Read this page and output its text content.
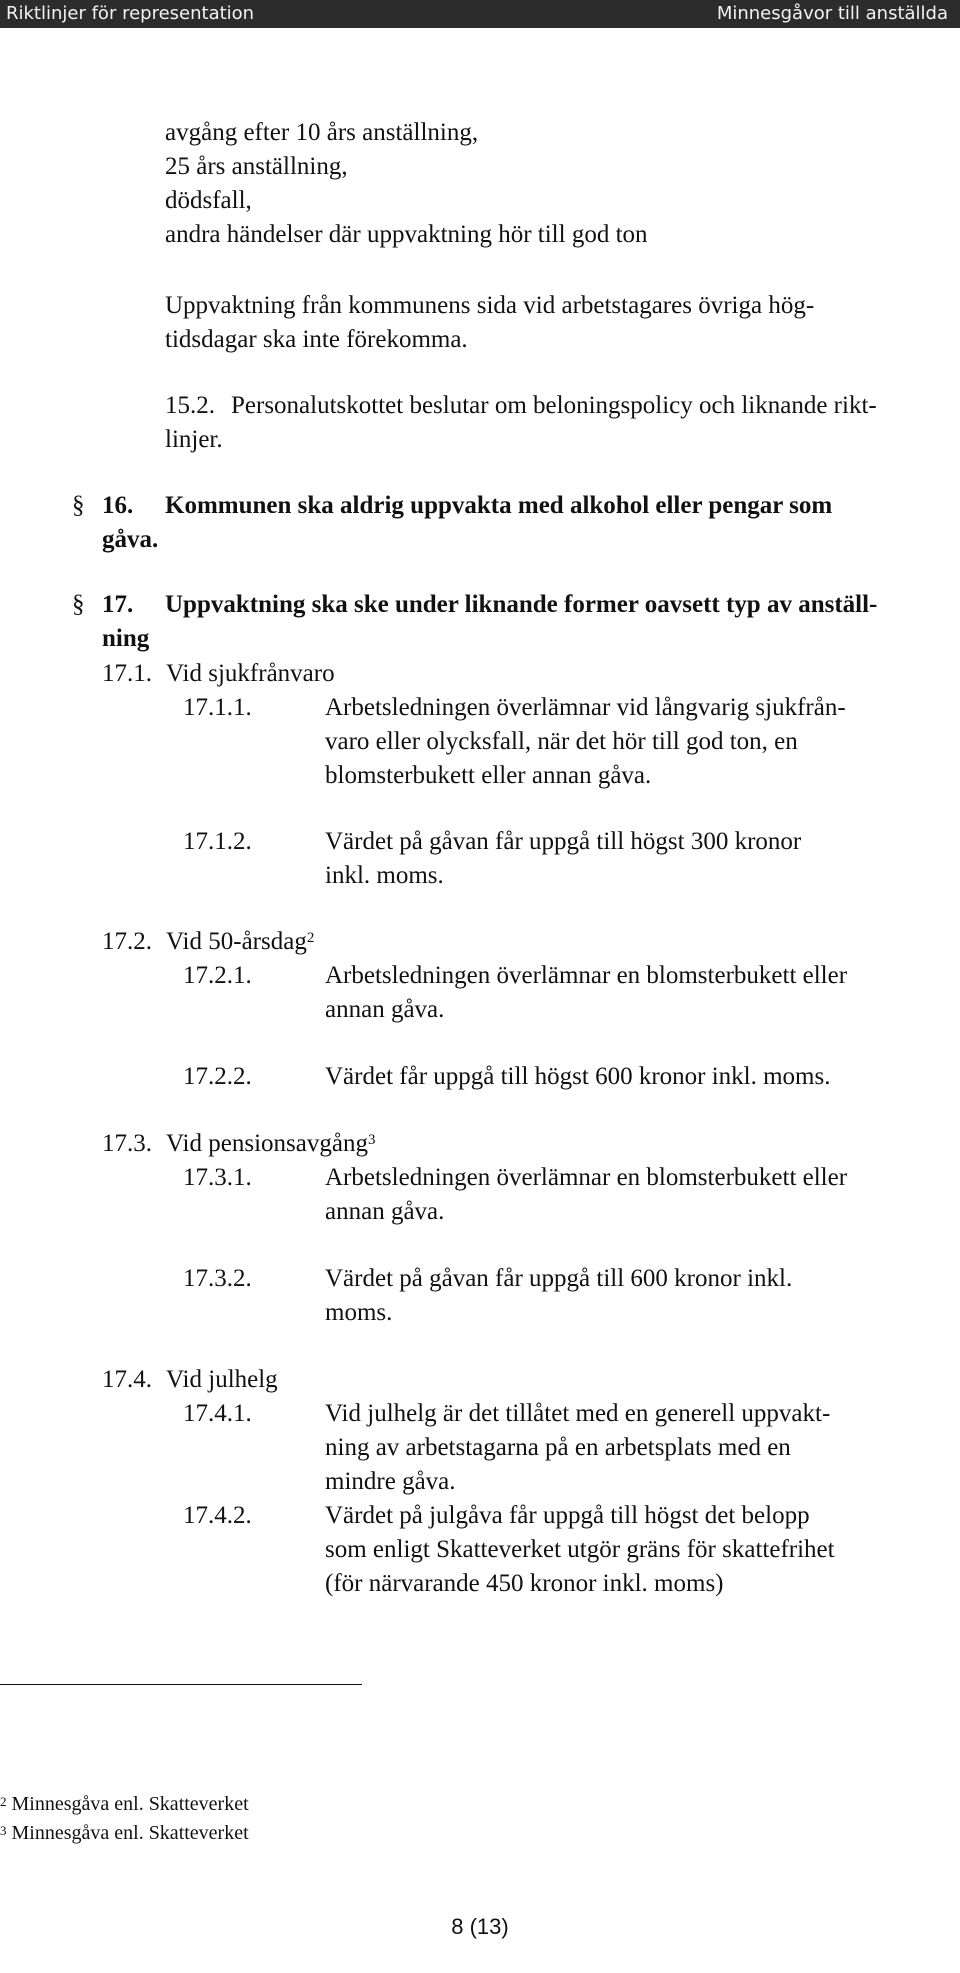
Riktlinjer för representation	Minnesgåvor till anställda
avgång efter 10 års anställning,
25 års anställning,
dödsfall,
andra händelser där uppvaktning hör till god ton
Uppvaktning från kommunens sida vid arbetstagares övriga hög-
tidsdagar ska inte förekomma.
15.2. Personalutskottet beslutar om beloningspolicy och liknande rikt-
linjer.
§ 16. Kommunen ska aldrig uppvakta med alkohol eller pengar som
gåva.
§ 17. Uppvaktning ska ske under liknande former oavsett typ av anställ-
ning
17.1. Vid sjukfrånvaro
17.1.1.	Arbetsledningen överlämnar vid långvarig sjukfrån-
varo eller olycksfall, när det hör till god ton, en
blomsterbukett eller annan gåva.
17.1.2.	Värdet på gåvan får uppgå till högst 300 kronor
inkl. moms.
17.2. Vid 50-årsdag$^2$
17.2.1.	Arbetsledningen överlämnar en blomsterbukett eller
annan gåva.
17.2.2.	Värdet får uppgå till högst 600 kronor inkl. moms.
17.3. Vid pensionsavgång$^3$
17.3.1.	Arbetsledningen överlämnar en blomsterbukett eller
annan gåva.
17.3.2.	Värdet på gåvan får uppgå till 600 kronor inkl.
moms.
17.4. Vid julhelg
17.4.1.	Vid julhelg är det tillåtet med en generell uppvakt-
ning av arbetstagarna på en arbetsplats med en
mindre gåva.
17.4.2.	Värdet på julgåva får uppgå till högst det belopp
som enligt Skatteverket utgör gräns för skattefrihet
(för närvarande 450 kronor inkl. moms)
$^2$ Minnesgåva enl. Skatteverket
$^3$ Minnesgåva enl. Skatteverket
8 (13)
